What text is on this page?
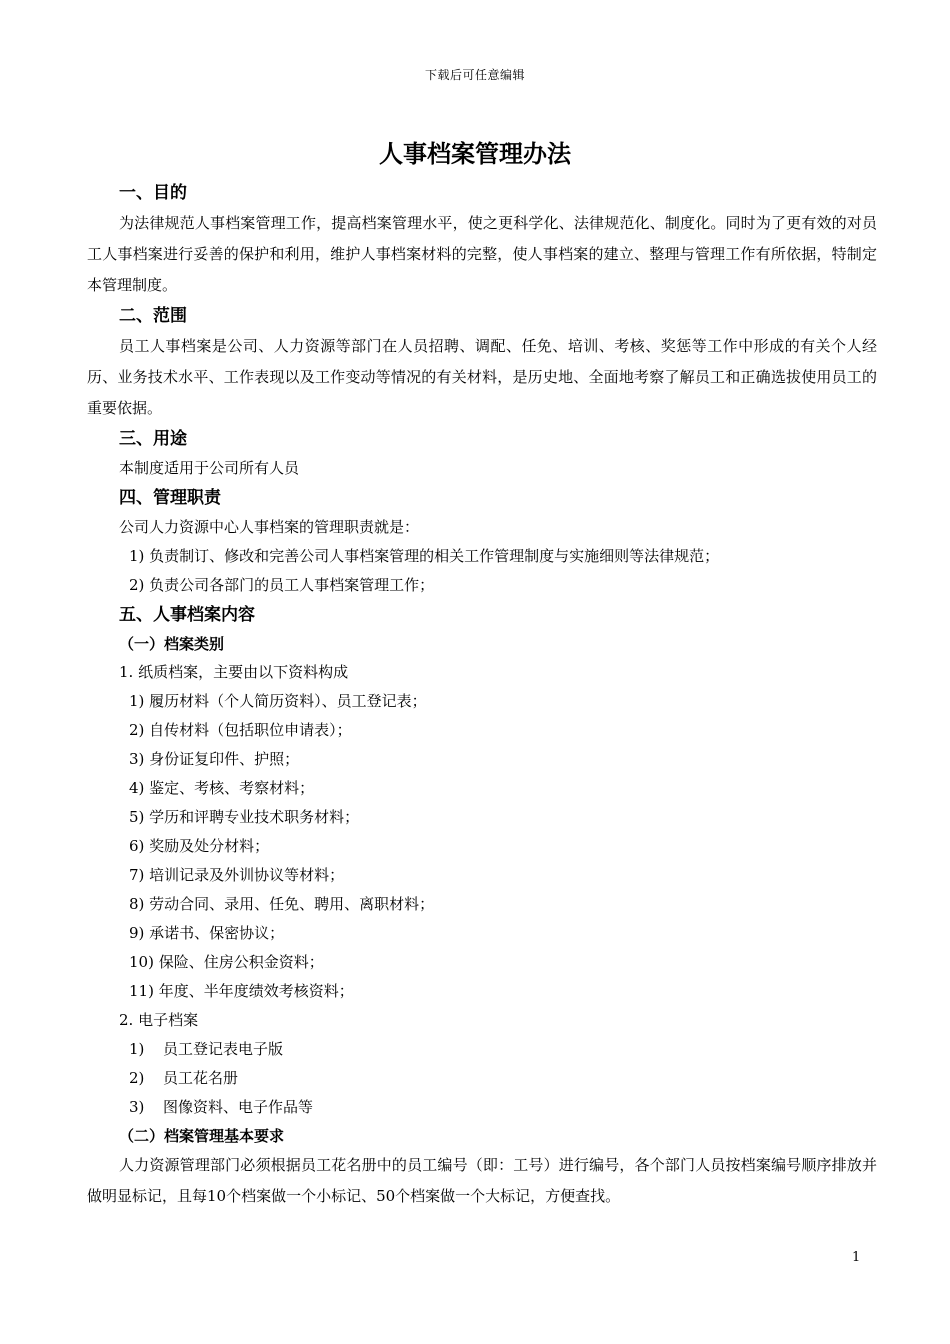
下载后可任意编辑
人事档案管理办法
一、目的

为法律规范人事档案管理工作，提高档案管理水平，使之更科学化、法律规范化、制度化。同时为了更有效的对员工人事档案进行妥善的保护和利用，维护人事档案材料的完整，使人事档案的建立、整理与管理工作有所依据，特制定本管理制度。

二、范围

员工人事档案是公司、人力资源等部门在人员招聘、调配、任免、培训、考核、奖惩等工作中形成的有关个人经历、业务技术水平、工作表现以及工作变动等情况的有关材料，是历史地、全面地考察了解员工和正确选拔使用员工的重要依据。

三、用途
本制度适用于公司所有人员
四、管理职责
公司人力资源中心人事档案的管理职责就是：
1) 负责制订、修改和完善公司人事档案管理的相关工作管理制度与实施细则等法律规范；
2) 负责公司各部门的员工人事档案管理工作；
五、人事档案内容
（一）档案类别
1. 纸质档案，主要由以下资料构成
1) 履历材料（个人简历资料）、员工登记表；
2) 自传材料（包括职位申请表）；
3) 身份证复印件、护照；
4) 鉴定、考核、考察材料；
5) 学历和评聘专业技术职务材料；
6) 奖励及处分材料；
7) 培训记录及外训协议等材料；
8) 劳动合同、录用、任免、聘用、离职材料；
9) 承诺书、保密协议；
10) 保险、住房公积金资料；
11) 年度、半年度绩效考核资料；
2. 电子档案
1) 员工登记表电子版
2) 员工花名册
3) 图像资料、电子作品等
（二）档案管理基本要求

人力资源管理部门必须根据员工花名册中的员工编号（即：工号）进行编号，各个部门人员按档案编号顺序排放并做明显标记，且每10个档案做一个小标记、50个档案做一个大标记，方便查找。

1
